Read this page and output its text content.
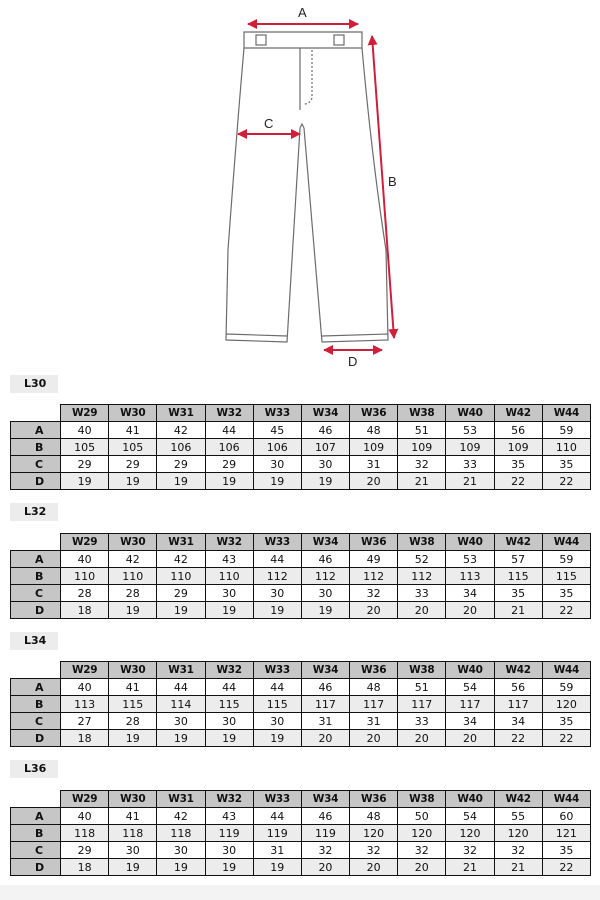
A
B
C
D
L30
	W29	W30	W31	W32	W33	W34	W36	W38	W40	W42	W44
A	40	41	42	44	45	46	48	51	53	56	59
B	105	105	106	106	106	107	109	109	109	109	110
C	29	29	29	29	30	30	31	32	33	35	35
D	19	19	19	19	19	19	20	21	21	22	22
L32
	W29	W30	W31	W32	W33	W34	W36	W38	W40	W42	W44
A	40	42	42	43	44	46	49	52	53	57	59
B	110	110	110	110	112	112	112	112	113	115	115
C	28	28	29	30	30	30	32	33	34	35	35
D	18	19	19	19	19	19	20	20	20	21	22
L34
	W29	W30	W31	W32	W33	W34	W36	W38	W40	W42	W44
A	40	41	44	44	44	46	48	51	54	56	59
B	113	115	114	115	115	117	117	117	117	117	120
C	27	28	30	30	30	31	31	33	34	34	35
D	18	19	19	19	19	20	20	20	20	22	22
L36
	W29	W30	W31	W32	W33	W34	W36	W38	W40	W42	W44
A	40	41	42	43	44	46	48	50	54	55	60
B	118	118	118	119	119	119	120	120	120	120	121
C	29	30	30	30	31	32	32	32	32	32	35
D	18	19	19	19	19	20	20	20	21	21	22
